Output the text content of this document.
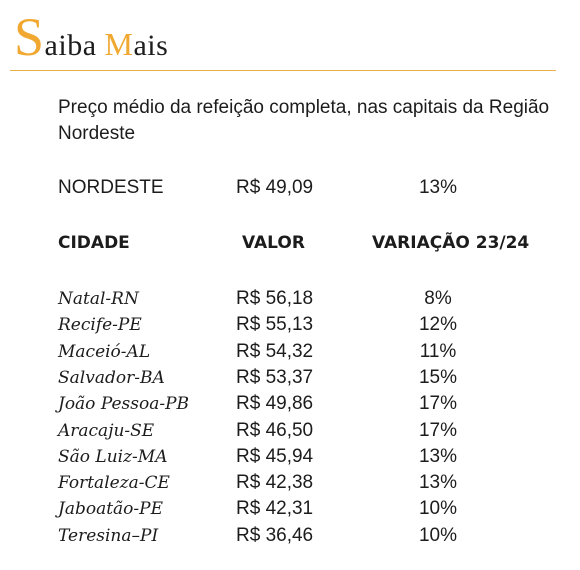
Saiba Mais
Preço médio da refeição completa, nas capitais da Região Nordeste
NORDESTE	R$ 49,09	13%
CIDADE	VALOR	VARIAÇÃO 23/24
Natal-RN	R$ 56,18	8%
Recife-PE	R$ 55,13	12%
Maceió-AL	R$ 54,32	11%
Salvador-BA	R$ 53,37	15%
João Pessoa-PB R$ 49,86	17%
Aracaju-SE	R$ 46,50	17%
São Luiz-MA	R$ 45,94	13%
Fortaleza-CE	R$ 42,38	13%
Jaboatão-PE	R$ 42,31	10%
Teresina–PI	R$ 36,46	10%
